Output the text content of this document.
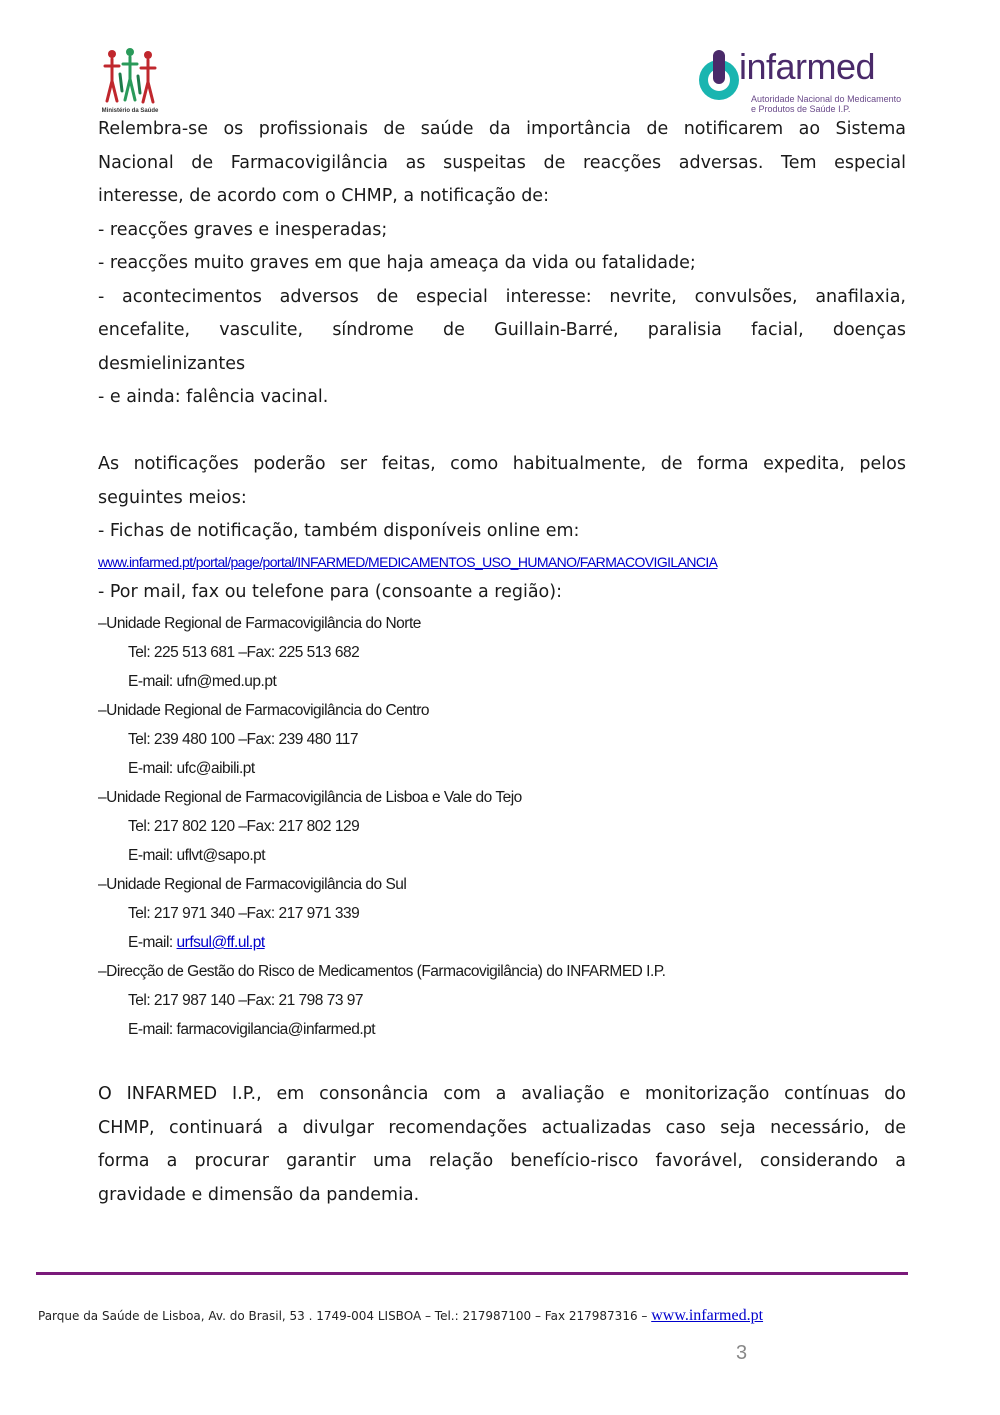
Ministério da Saúde
infarmed
Autoridade Nacional do Medicamento
e Produtos de Saúde I.P.
Relembra-se os profissionais de saúde da importância de notificarem ao Sistema
Nacional de Farmacovigilância as suspeitas de reacções adversas. Tem especial
interesse, de acordo com o CHMP, a notificação de:
- reacções graves e inesperadas;
- reacções muito graves em que haja ameaça da vida ou fatalidade;
- acontecimentos adversos de especial interesse: nevrite, convulsões, anafilaxia,
encefalite, vasculite, síndrome de Guillain-Barré, paralisia facial, doenças
desmielinizantes
- e ainda: falência vacinal.
As notificações poderão ser feitas, como habitualmente, de forma expedita, pelos
seguintes meios:
- Fichas de notificação, também disponíveis online em:
www.infarmed.pt/portal/page/portal/INFARMED/MEDICAMENTOS_USO_HUMANO/FARMACOVIGILANCIA
- Por mail, fax ou telefone para (consoante a região):
–Unidade Regional de Farmacovigilância do Norte
Tel: 225 513 681 –Fax: 225 513 682
E-mail: ufn@med.up.pt
–Unidade Regional de Farmacovigilância do Centro
Tel: 239 480 100 –Fax: 239 480 117
E-mail: ufc@aibili.pt
–Unidade Regional de Farmacovigilância de Lisboa e Vale do Tejo
Tel: 217 802 120 –Fax: 217 802 129
E-mail: uflvt@sapo.pt
–Unidade Regional de Farmacovigilância do Sul
Tel: 217 971 340 –Fax: 217 971 339
E-mail: urfsul@ff.ul.pt
–Direcção de Gestão do Risco de Medicamentos (Farmacovigilância) do INFARMED I.P.
Tel: 217 987 140 –Fax: 21 798 73 97
E-mail: farmacovigilancia@infarmed.pt
O INFARMED I.P., em consonância com a avaliação e monitorização contínuas do
CHMP, continuará a divulgar recomendações actualizadas caso seja necessário, de
forma a procurar garantir uma relação benefício-risco favorável, considerando a
gravidade e dimensão da pandemia.
Parque da Saúde de Lisboa, Av. do Brasil, 53 . 1749-004 LISBOA – Tel.: 217987100 – Fax 217987316 – www.infarmed.pt
3
